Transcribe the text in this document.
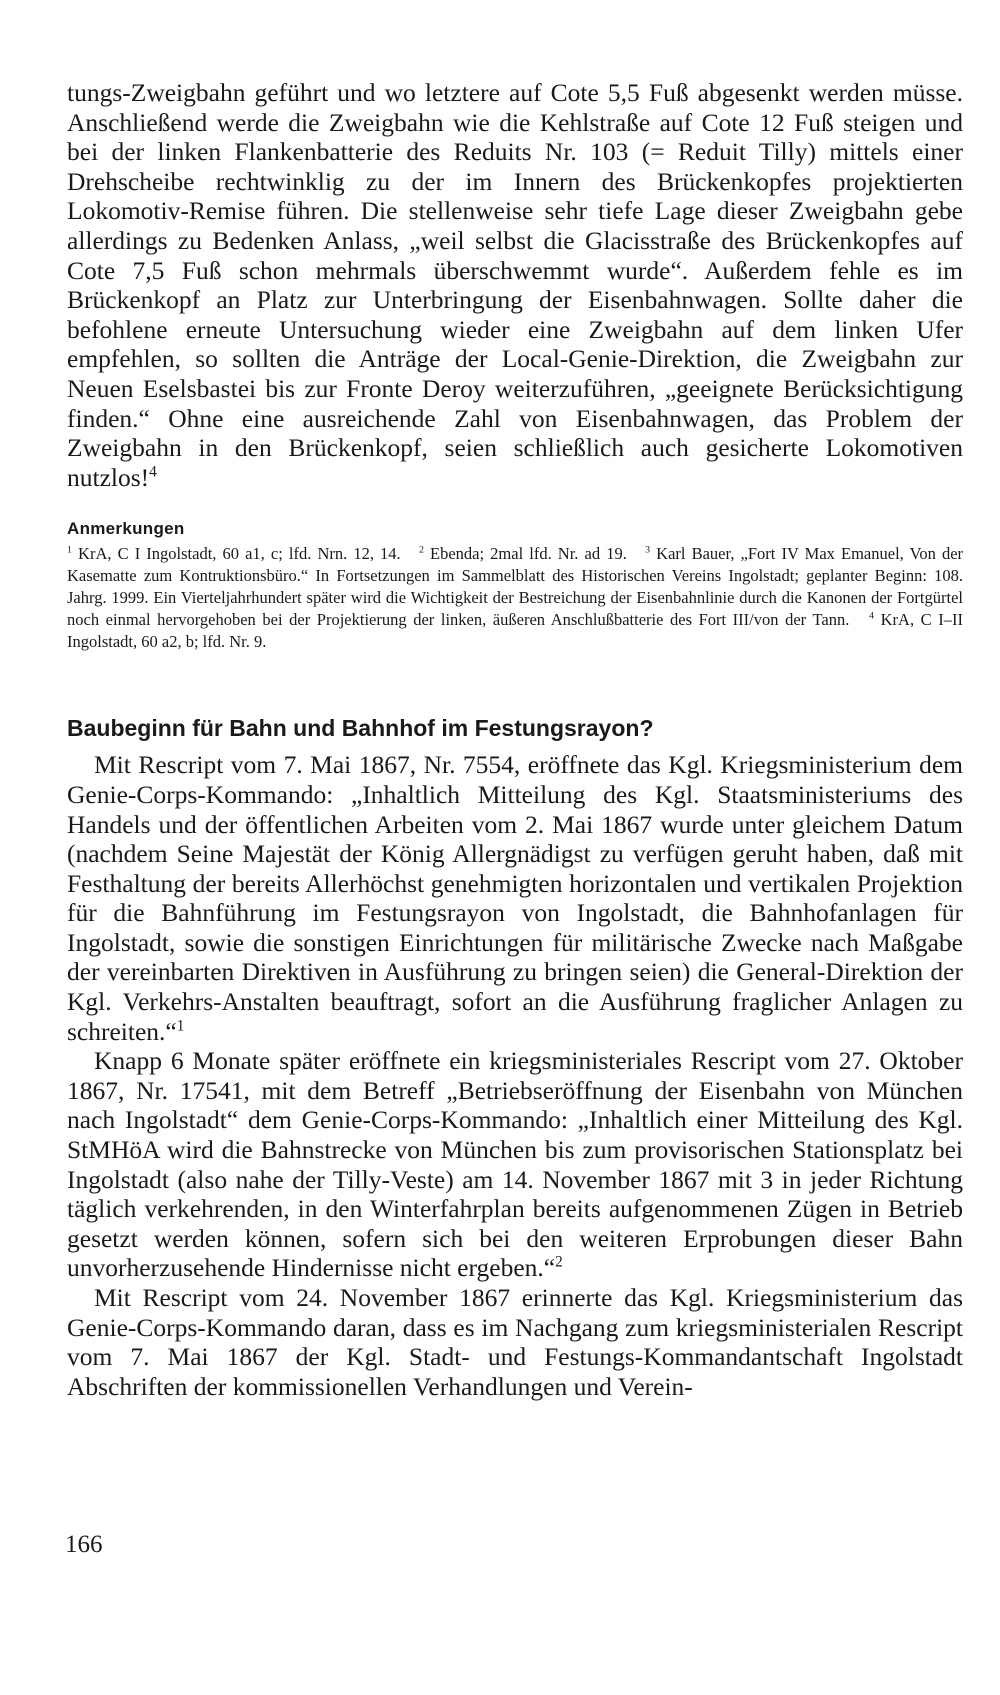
tungs-Zweigbahn geführt und wo letztere auf Cote 5,5 Fuß abgesenkt werden müsse. Anschließend werde die Zweigbahn wie die Kehlstraße auf Cote 12 Fuß steigen und bei der linken Flankenbatterie des Reduits Nr. 103 (= Reduit Tilly) mittels einer Drehscheibe rechtwinklig zu der im Innern des Brückenkopfes projektierten Lokomotiv-Remise führen. Die stellenweise sehr tiefe Lage dieser Zweigbahn gebe allerdings zu Bedenken Anlass, „weil selbst die Glacisstraße des Brückenkopfes auf Cote 7,5 Fuß schon mehrmals überschwemmt wurde“. Außerdem fehle es im Brückenkopf an Platz zur Unterbringung der Eisenbahnwagen. Sollte daher die befohlene erneute Untersuchung wieder eine Zweigbahn auf dem linken Ufer empfehlen, so sollten die Anträge der Local-Genie-Direktion, die Zweigbahn zur Neuen Eselsbastei bis zur Fronte Deroy weiterzuführen, „geeignete Berücksichtigung finden.“ Ohne eine ausreichende Zahl von Eisenbahnwagen, das Problem der Zweigbahn in den Brückenkopf, seien schließlich auch gesicherte Lokomotiven nutzlos!$^4$

Anmerkungen

$^1$ KrA, C I Ingolstadt, 60 a1, c; lfd. Nrn. 12, 14. $^2$ Ebenda; 2mal lfd. Nr. ad 19. $^3$ Karl Bauer, „Fort IV Max Emanuel, Von der Kasematte zum Kontruktionsbüro.“ In Fortsetzungen im Sammelblatt des Historischen Vereins Ingolstadt; geplanter Beginn: 108. Jahrg. 1999. Ein Vierteljahrhundert später wird die Wichtigkeit der Bestreichung der Eisenbahnlinie durch die Kanonen der Fortgürtel noch einmal hervorgehoben bei der Projektierung der linken, äußeren Anschlußbatterie des Fort III/von der Tann. $^4$ KrA, C I–II Ingolstadt, 60 a2, b; lfd. Nr. 9.

Baubeginn für Bahn und Bahnhof im Festungsrayon?

Mit Rescript vom 7. Mai 1867, Nr. 7554, eröffnete das Kgl. Kriegsministerium dem Genie-Corps-Kommando: „Inhaltlich Mitteilung des Kgl. Staatsministeriums des Handels und der öffentlichen Arbeiten vom 2. Mai 1867 wurde unter gleichem Datum (nachdem Seine Majestät der König Allergnädigst zu verfügen geruht haben, daß mit Festhaltung der bereits Allerhöchst genehmigten horizontalen und vertikalen Projektion für die Bahnführung im Festungsrayon von Ingolstadt, die Bahnhofanlagen für Ingolstadt, sowie die sonstigen Einrichtungen für militärische Zwecke nach Maßgabe der vereinbarten Direktiven in Ausführung zu bringen seien) die General-Direktion der Kgl. Verkehrs-Anstalten beauftragt, sofort an die Ausführung fraglicher Anlagen zu schreiten.“$^1$

Knapp 6 Monate später eröffnete ein kriegsministeriales Rescript vom 27. Oktober 1867, Nr. 17541, mit dem Betreff „Betriebseröffnung der Eisenbahn von München nach Ingolstadt“ dem Genie-Corps-Kommando: „Inhaltlich einer Mitteilung des Kgl. StMHöA wird die Bahnstrecke von München bis zum provisorischen Stationsplatz bei Ingolstadt (also nahe der Tilly-Veste) am 14. November 1867 mit 3 in jeder Richtung täglich verkehrenden, in den Winterfahrplan bereits aufgenommenen Zügen in Betrieb gesetzt werden können, sofern sich bei den weiteren Erprobungen dieser Bahn unvorherzusehende Hindernisse nicht ergeben.“$^2$

Mit Rescript vom 24. November 1867 erinnerte das Kgl. Kriegsministerium das Genie-Corps-Kommando daran, dass es im Nachgang zum kriegsministerialen Rescript vom 7. Mai 1867 der Kgl. Stadt- und Festungs-Kommandantschaft Ingolstadt Abschriften der kommissionellen Verhandlungen und Verein-

166
